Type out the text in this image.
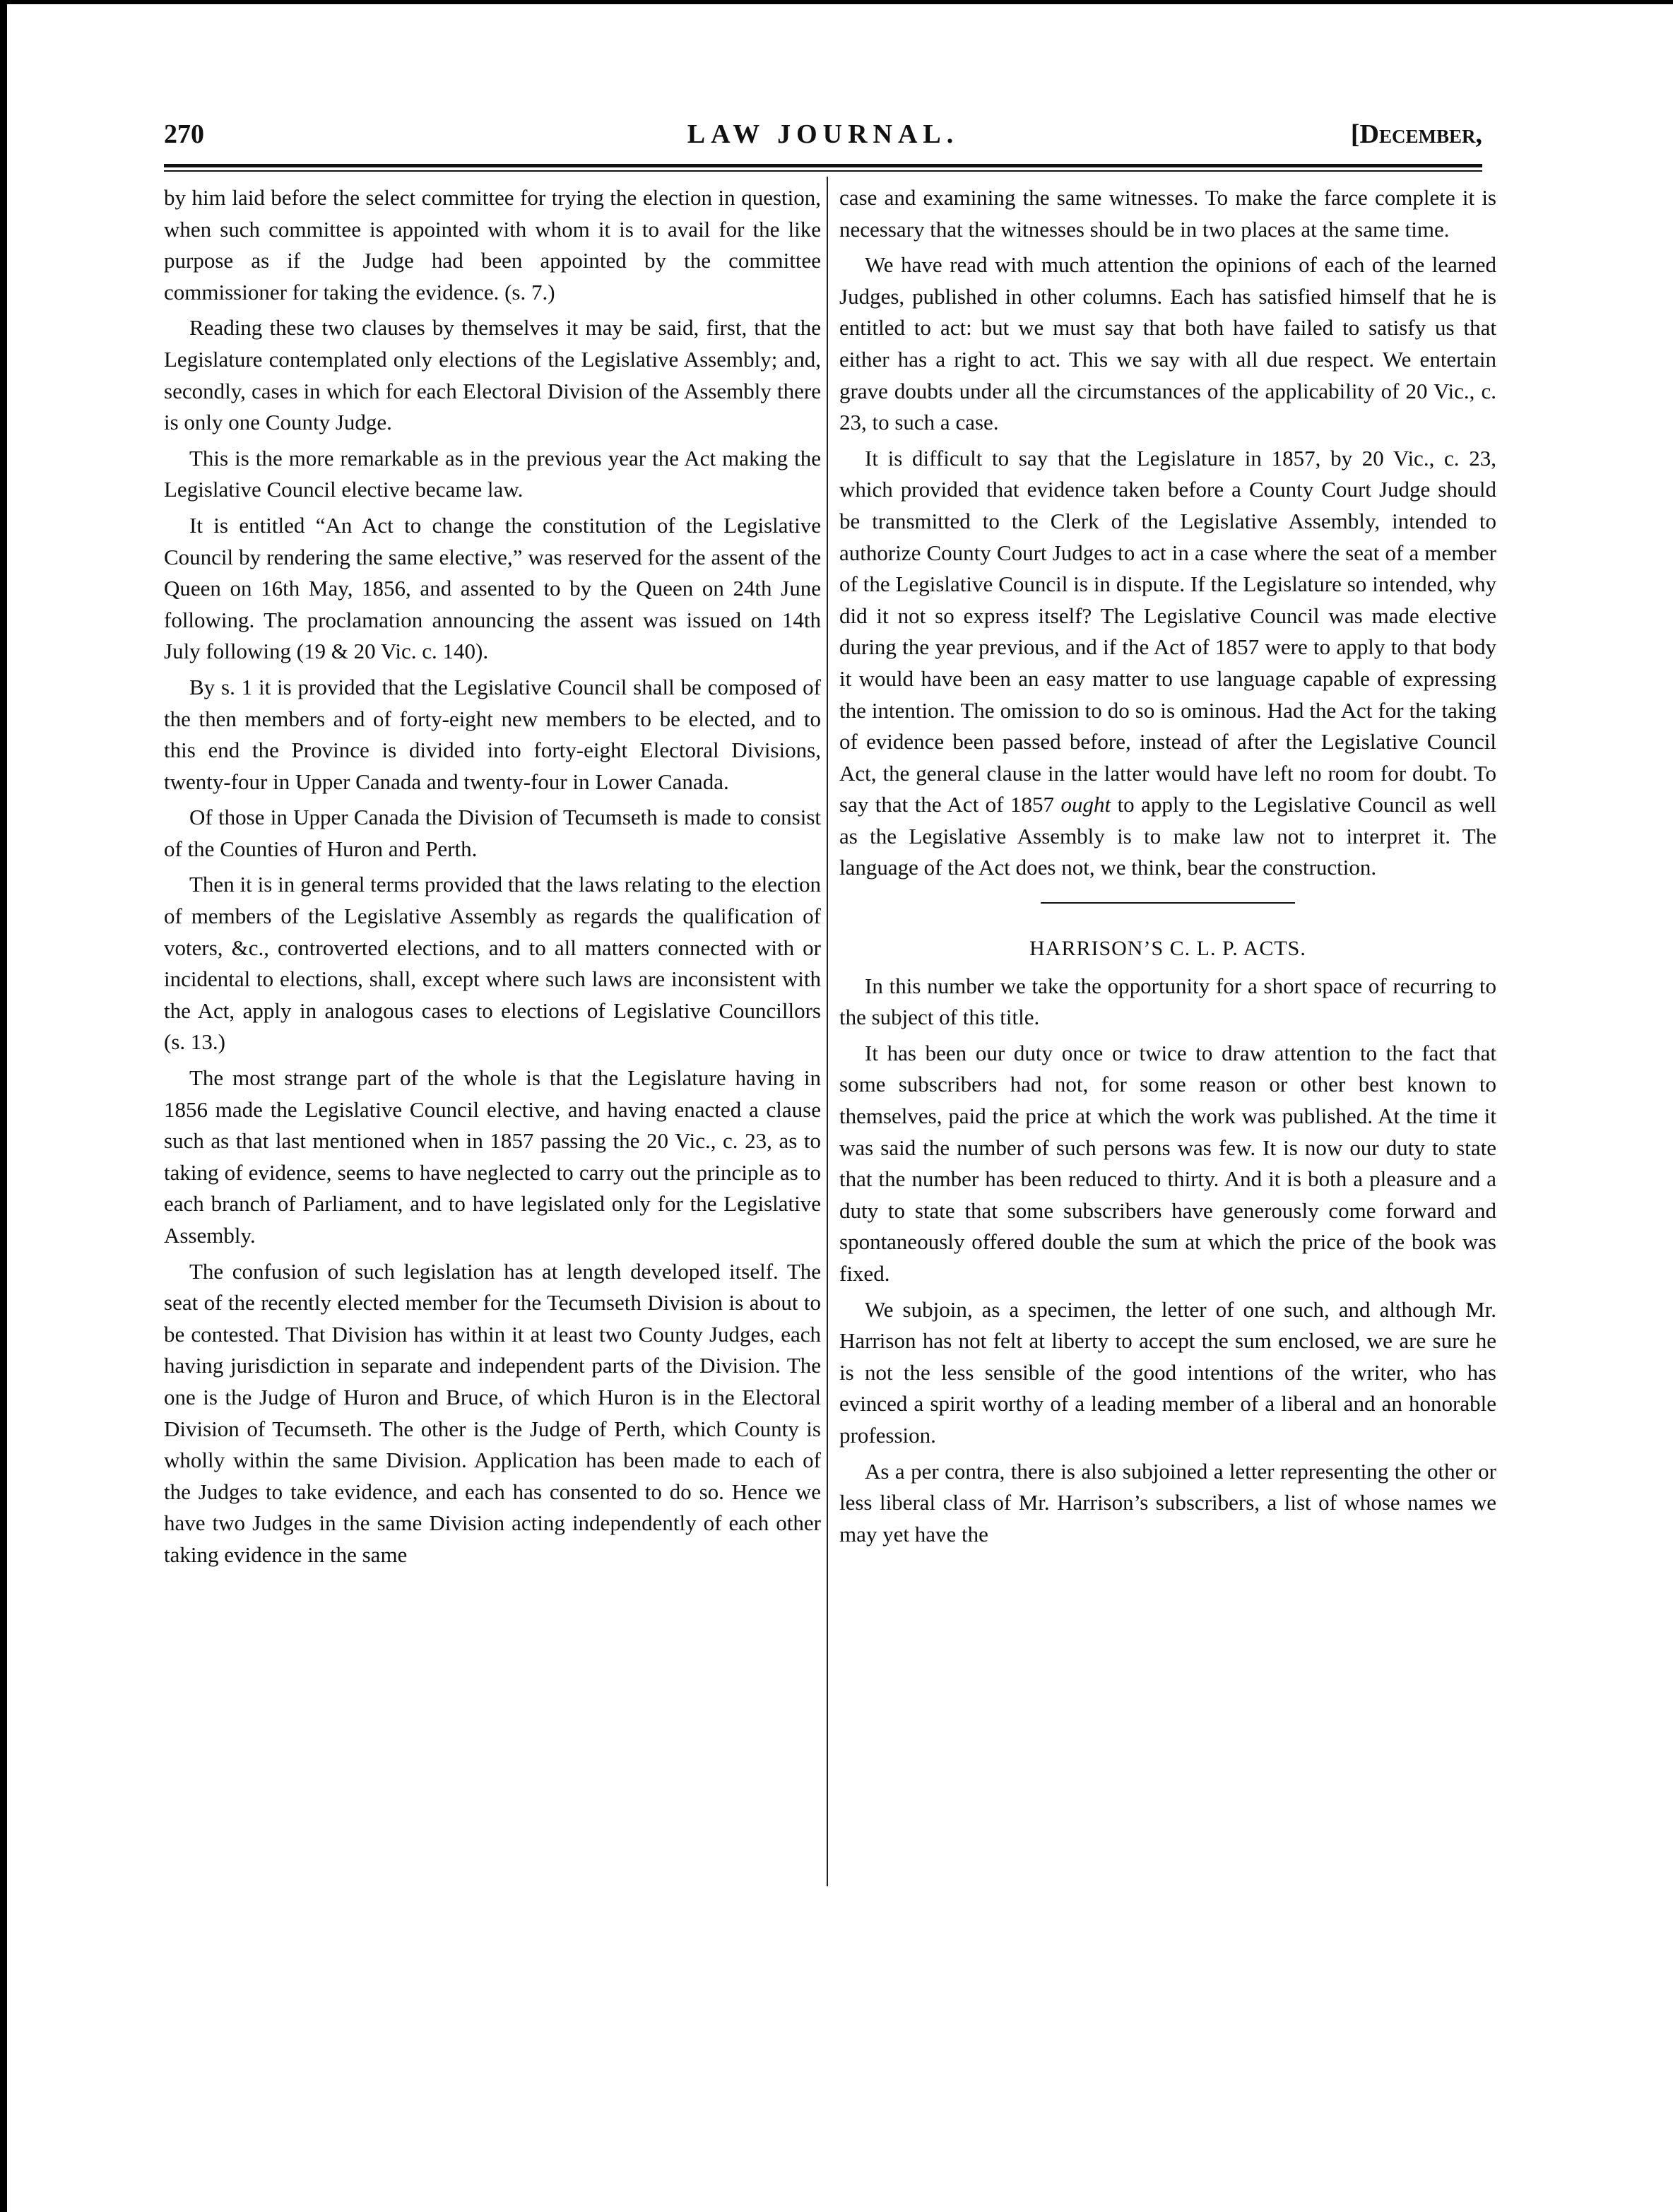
270	LAW JOURNAL.	[December,

by him laid before the select committee for trying the election in question, when such committee is appointed with whom it is to avail for the like purpose as if the Judge had been appointed by the committee commissioner for taking the evidence. (s. 7.)

Reading these two clauses by themselves it may be said, first, that the Legislature contemplated only elections of the Legislative Assembly; and, secondly, cases in which for each Electoral Division of the Assembly there is only one County Judge.

This is the more remarkable as in the previous year the Act making the Legislative Council elective became law.

It is entitled “An Act to change the constitution of the Legislative Council by rendering the same elective,” was reserved for the assent of the Queen on 16th May, 1856, and assented to by the Queen on 24th June following. The proclamation announcing the assent was issued on 14th July following (19 & 20 Vic. c. 140).

By s. 1 it is provided that the Legislative Council shall be composed of the then members and of forty-eight new members to be elected, and to this end the Province is divided into forty-eight Electoral Divisions, twenty-four in Upper Canada and twenty-four in Lower Canada.

Of those in Upper Canada the Division of Tecumseth is made to consist of the Counties of Huron and Perth.

Then it is in general terms provided that the laws relating to the election of members of the Legislative Assembly as regards the qualification of voters, &c., controverted elections, and to all matters connected with or incidental to elections, shall, except where such laws are inconsistent with the Act, apply in analogous cases to elections of Legislative Councillors (s. 13.)

The most strange part of the whole is that the Legislature having in 1856 made the Legislative Council elective, and having enacted a clause such as that last mentioned when in 1857 passing the 20 Vic., c. 23, as to taking of evidence, seems to have neglected to carry out the principle as to each branch of Parliament, and to have legislated only for the Legislative Assembly.

The confusion of such legislation has at length developed itself. The seat of the recently elected member for the Tecumseth Division is about to be contested. That Division has within it at least two County Judges, each having jurisdiction in separate and independent parts of the Division. The one is the Judge of Huron and Bruce, of which Huron is in the Electoral Division of Tecumseth. The other is the Judge of Perth, which County is wholly within the same Division. Application has been made to each of the Judges to take evidence, and each has consented to do so. Hence we have two Judges in the same Division acting independently of each other taking evidence in the same

case and examining the same witnesses. To make the farce complete it is necessary that the witnesses should be in two places at the same time.

We have read with much attention the opinions of each of the learned Judges, published in other columns. Each has satisfied himself that he is entitled to act: but we must say that both have failed to satisfy us that either has a right to act. This we say with all due respect. We entertain grave doubts under all the circumstances of the applicability of 20 Vic., c. 23, to such a case.

It is difficult to say that the Legislature in 1857, by 20 Vic., c. 23, which provided that evidence taken before a County Court Judge should be transmitted to the Clerk of the Legislative Assembly, intended to authorize County Court Judges to act in a case where the seat of a member of the Legislative Council is in dispute. If the Legislature so intended, why did it not so express itself? The Legislative Council was made elective during the year previous, and if the Act of 1857 were to apply to that body it would have been an easy matter to use language capable of expressing the intention. The omission to do so is ominous. Had the Act for the taking of evidence been passed before, instead of after the Legislative Council Act, the general clause in the latter would have left no room for doubt. To say that the Act of 1857 ought to apply to the Legislative Council as well as the Legislative Assembly is to make law not to interpret it. The language of the Act does not, we think, bear the construction.

HARRISON’S C. L. P. ACTS.

In this number we take the opportunity for a short space of recurring to the subject of this title.

It has been our duty once or twice to draw attention to the fact that some subscribers had not, for some reason or other best known to themselves, paid the price at which the work was published. At the time it was said the number of such persons was few. It is now our duty to state that the number has been reduced to thirty. And it is both a pleasure and a duty to state that some subscribers have generously come forward and spontaneously offered double the sum at which the price of the book was fixed.

We subjoin, as a specimen, the letter of one such, and although Mr. Harrison has not felt at liberty to accept the sum enclosed, we are sure he is not the less sensible of the good intentions of the writer, who has evinced a spirit worthy of a leading member of a liberal and an honorable profession.

As a per contra, there is also subjoined a letter representing the other or less liberal class of Mr. Harrison’s subscribers, a list of whose names we may yet have the
